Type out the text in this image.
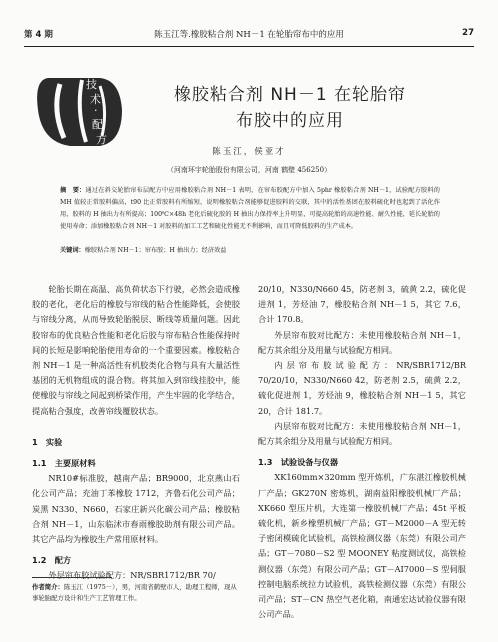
第 4 期	陈玉江等.橡胶粘合剂 NH－1 在轮胎帘布中的应用	27
技
术
·
配
方
橡胶粘合剂 NH－1 在轮胎帘
布胶中的应用
陈玉江，侯亚才
（河南环宇轮胎股份有限公司，河南 鹤壁 456250）
摘　要：通过在斜交轮胎帘布层配方中应用橡胶粘合剂 NH－1 表明，在帘布胶配方中加入 5phr 橡胶粘合剂 NH－1，试验配方胶料的 MH 值较正常胶料偏高，t90 比正常胶料有所缩短，说明橡胶粘合剂能够促进胶料的交联，其中的活性基团在胶料硫化时也起到了活化作用，胶料的 H 抽出力有所提高；100℃×48h 老化后硫化胶的 H 抽出力保持率上升明显，可提高轮胎的高速性能、耐久性能，延长轮胎的使用寿命；添加橡胶粘合剂 NH－1 对胶料的加工工艺和硫化性能无不利影响，而且可降低胶料的生产成本。
关键词：橡胶粘合剂 NH－1；帘布胶；H 抽出力；经济效益

轮胎长期在高温、高负荷状态下行驶，必然会造成橡胶的老化，老化后的橡胶与帘线的粘合性能降低，会使胶与帘线分离，从而导致轮胎脱层、断线等质量问题。因此胶帘布的优良粘合性能和老化后胶与帘布粘合性能保持时间的长短是影响轮胎使用寿命的一个重要因素。橡胶粘合剂 NH－1 是一种高活性有机胶类化合物与具有大量活性基团的无机物组成的混合物。将其加入到帘线挂胶中，能使橡胶与帘线之间起到桥梁作用，产生牢固的化学结合，提高粘合强度，改善帘线覆胶状态。

1　实验
1.1　主要原材料

NR10#标准胶，越南产品；BR9000，北京燕山石化公司产品；充油丁苯橡胶 1712，齐鲁石化公司产品；炭黑 N330、N660，石家庄新兴化碳公司产品；橡胶粘合剂 NH－1，山东临沭市春雨橡胶助剂有限公司产品。其它产品均为橡胶生产常用原材料。

1.2　配方

外层帘布胶试验配方：NR/SBR1712/BR 70/

20/10，N330/N660 45，防老剂 3，硫黄 2.2，硫化促进剂 1，芳烃油 7，橡胶粘合剂 NH－1 5，其它 7.6，合计 170.8。

外层帘布胶对比配方：未使用橡胶粘合剂 NH－1，配方其余组分及用量与试验配方相同。

内层帘布胶试验配方：NR/SBR1712/BR 70/20/10，N330/N660 42，防老剂 2.5，硫黄 2.2，硫化促进剂 1，芳烃油 9，橡胶粘合剂 NH－1 5，其它 20，合计 181.7。

内层帘布胶对比配方：未使用橡胶粘合剂 NH－1，配方其余组分及用量与试验配方相同。

1.3　试验设备与仪器

XK160mm×320mm 型开炼机，广东湛江橡胶机械厂产品；GK270N 密炼机，湖南益阳橡胶机械厂产品；XK660 型压片机，大连第一橡胶机械厂产品；45t 平板硫化机，新乡橡塑机械厂产品；GT－M2000－A 型无转子密闭模硫化试验机，高铁检测仪器（东莞）有限公司产品；GT－7080－S2 型 MOONEY 粘度测试仪，高铁检测仪器（东莞）有限公司产品；GT－AI7000－S 型伺服控制电脑系统拉力试验机，高铁检测仪器（东莞）有限公司产品；ST－CN 热空气老化箱，南通宏达试验仪器有限公司产品。

作者简介：陈玉江（1975－），男，河南省鹤壁市人，助理工程师，现从事轮胎配方设计和生产工艺管理工作。
